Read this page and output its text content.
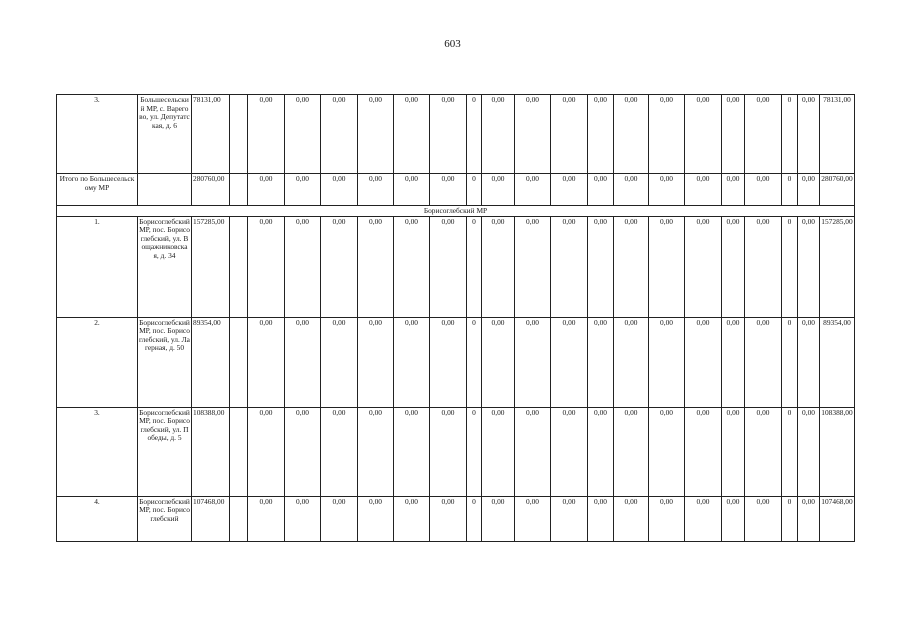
603
3.	Большесельский МР, с. Варегово, ул. Депутатская, д. 6	78131,00		0,00	0,00	0,00	0,00	0,00	0,00	0	0,00	0,00	0,00	0,00	0,00	0,00	0,00	0,00	0,00	0	0,00	78131,00
Итого по Большесельскому МР		280760,00		0,00	0,00	0,00	0,00	0,00	0,00	0	0,00	0,00	0,00	0,00	0,00	0,00	0,00	0,00	0,00	0	0,00	280760,00
Борисоглебский МР																						
1.	Борисоглебский МР, пос. Борисоглебский, ул. Вощажниковская, д. 34	157285,00		0,00	0,00	0,00	0,00	0,00	0,00	0	0,00	0,00	0,00	0,00	0,00	0,00	0,00	0,00	0,00	0	0,00	157285,00
2.	Борисоглебский МР, пос. Борисоглебский, ул. Лагерная, д. 50	89354,00		0,00	0,00	0,00	0,00	0,00	0,00	0	0,00	0,00	0,00	0,00	0,00	0,00	0,00	0,00	0,00	0	0,00	89354,00
3.	Борисоглебский МР, пос. Борисоглебский, ул. Победы, д. 5	108388,00		0,00	0,00	0,00	0,00	0,00	0,00	0	0,00	0,00	0,00	0,00	0,00	0,00	0,00	0,00	0,00	0	0,00	108388,00
4.	Борисоглебский МР, пос. Борисоглебский	107468,00		0,00	0,00	0,00	0,00	0,00	0,00	0	0,00	0,00	0,00	0,00	0,00	0,00	0,00	0,00	0,00	0	0,00	107468,00
